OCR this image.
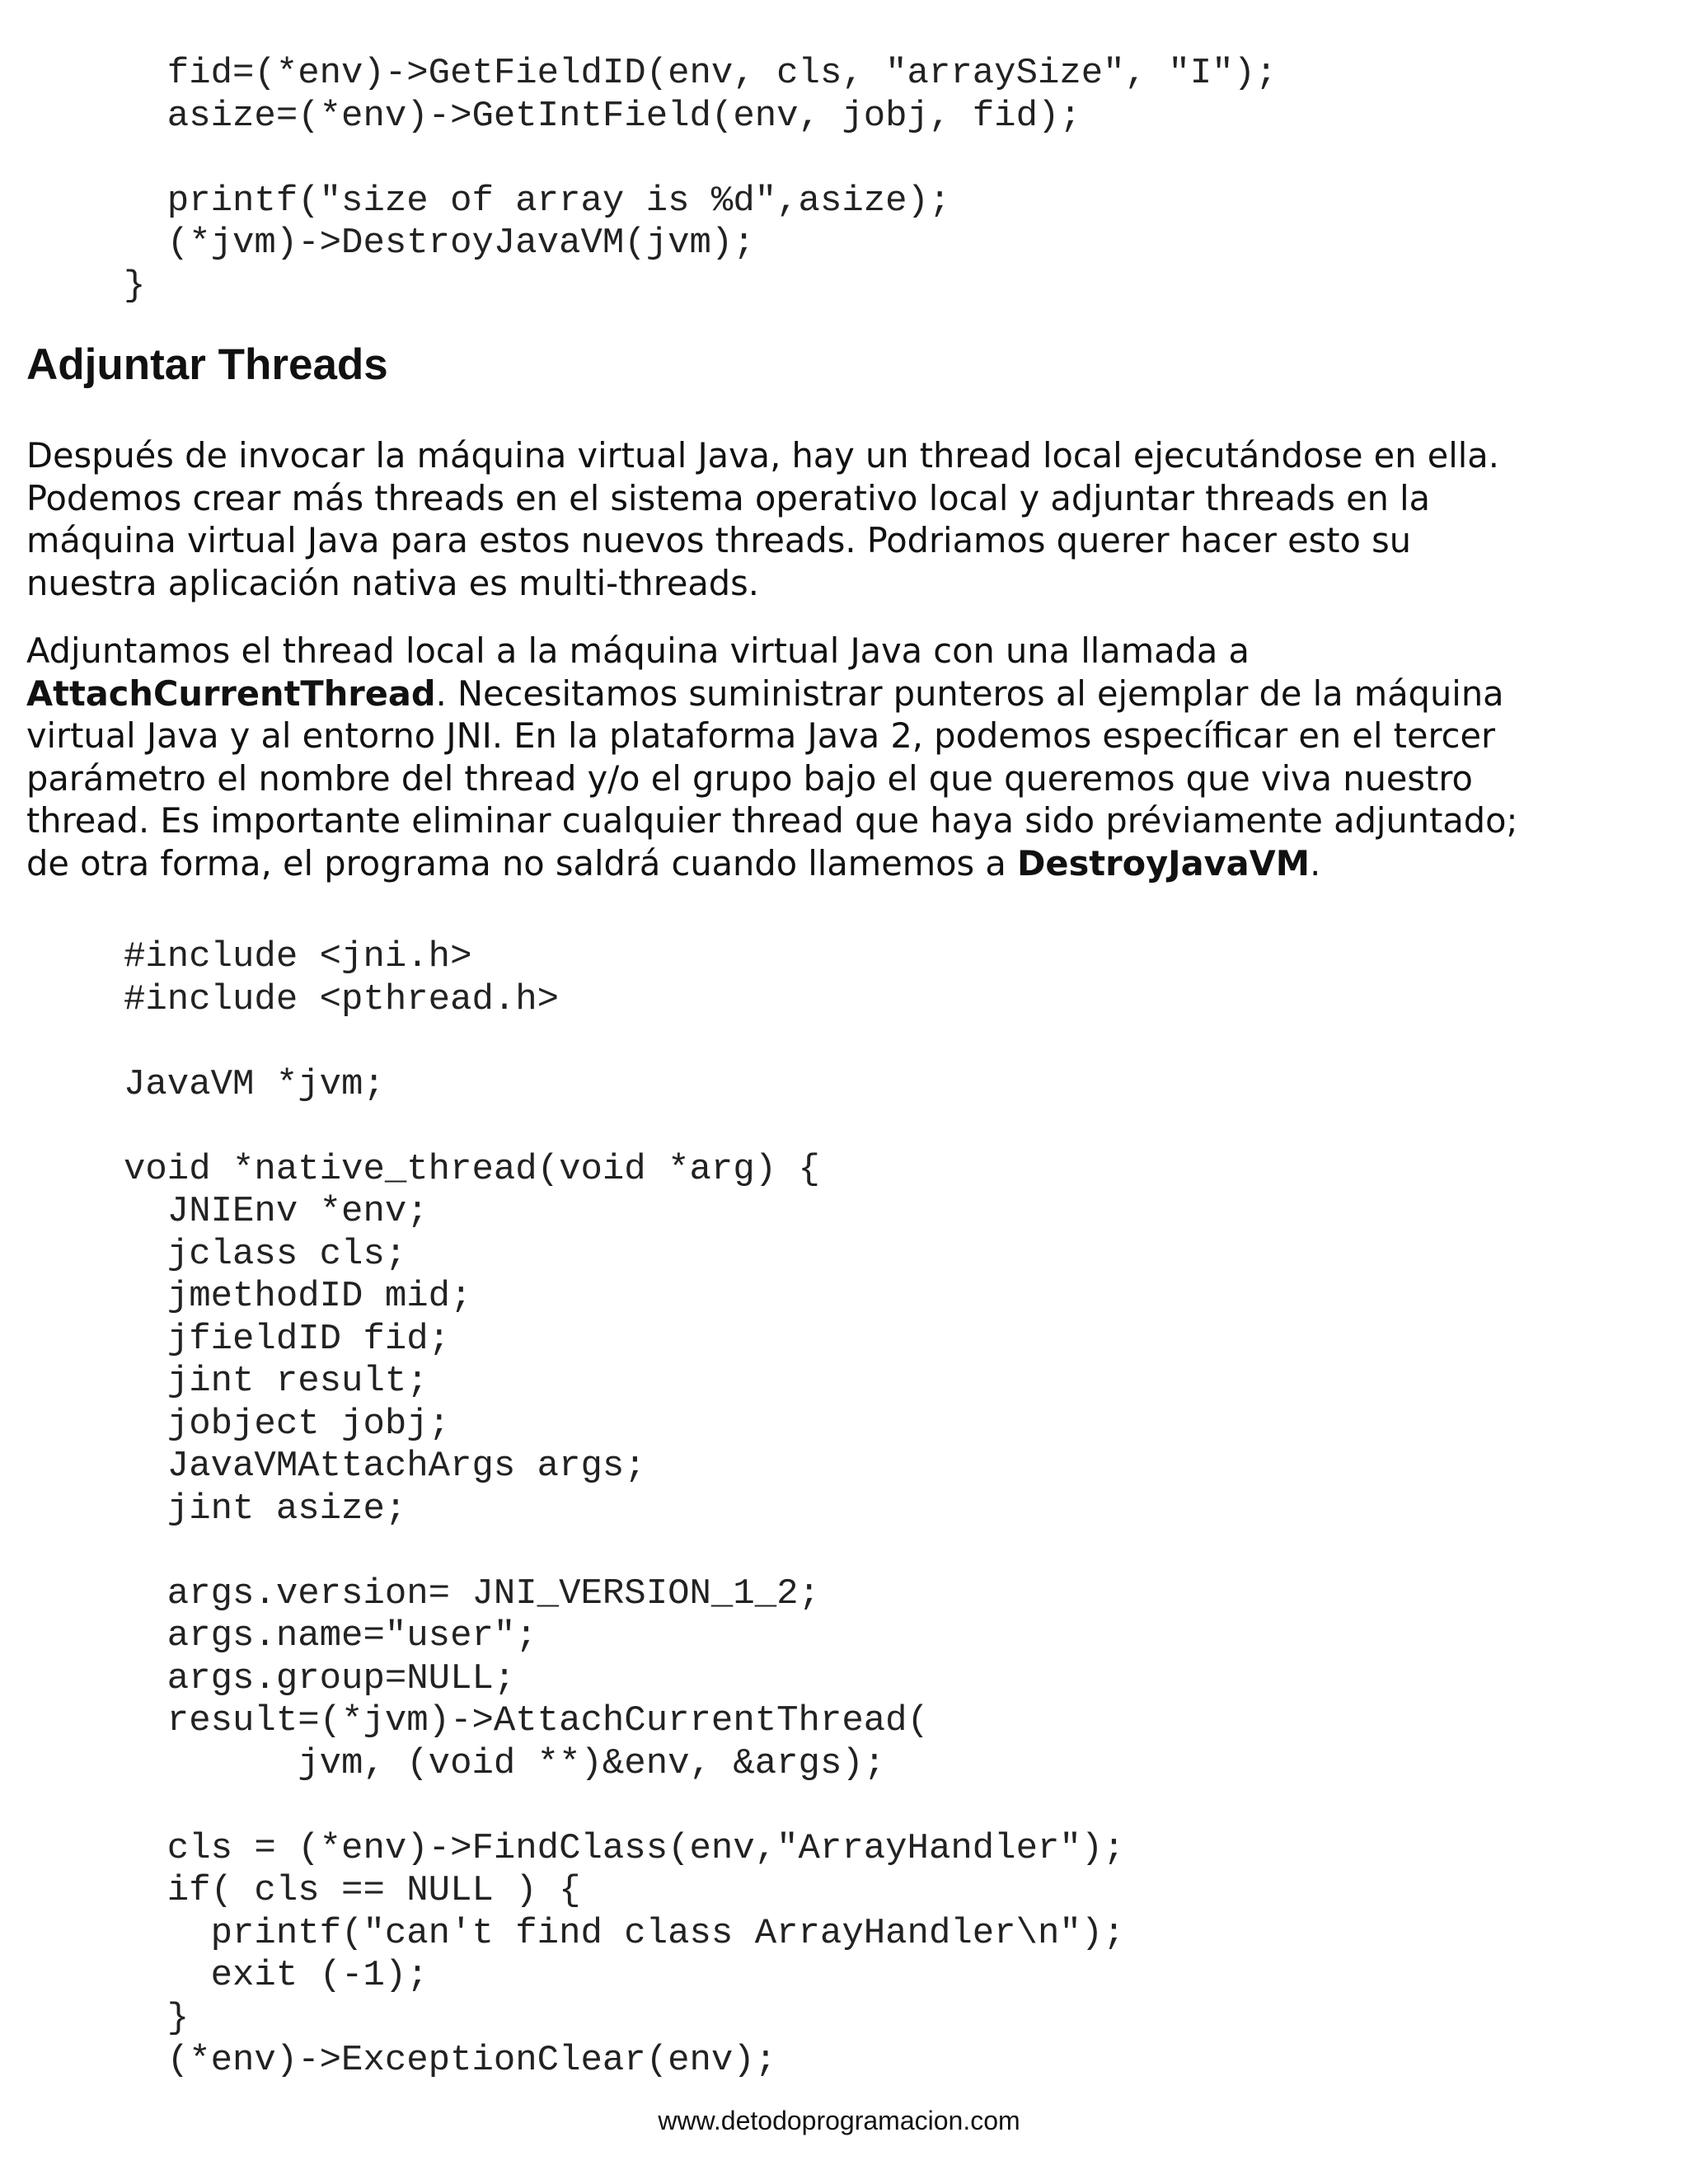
fid=(*env)->GetFieldID(env, cls, "arraySize", "I");
asize=(*env)->GetIntField(env, jobj, fid);

printf("size of array is %d",asize);
(*jvm)->DestroyJavaVM(jvm);
}
Adjuntar Threads
Después de invocar la máquina virtual Java, hay un thread local ejecutándose en ella.
Podemos crear más threads en el sistema operativo local y adjuntar threads en la
máquina virtual Java para estos nuevos threads. Podriamos querer hacer esto su
nuestra aplicación nativa es multi-threads.
Adjuntamos el thread local a la máquina virtual Java con una llamada a
AttachCurrentThread. Necesitamos suministrar punteros al ejemplar de la máquina
virtual Java y al entorno JNI. En la plataforma Java 2, podemos específicar en el tercer
parámetro el nombre del thread y/o el grupo bajo el que queremos que viva nuestro
thread. Es importante eliminar cualquier thread que haya sido préviamente adjuntado;
de otra forma, el programa no saldrá cuando llamemos a DestroyJavaVM.
#include <jni.h>
#include <pthread.h>

JavaVM *jvm;

void *native_thread(void *arg) {
JNIEnv *env;
jclass cls;
jmethodID mid;
jfieldID fid;
jint result;
jobject jobj;
JavaVMAttachArgs args;
jint asize;

args.version= JNI_VERSION_1_2;
args.name="user";
args.group=NULL;
result=(*jvm)->AttachCurrentThread(
jvm, (void **)&env, &args);

cls = (*env)->FindClass(env,"ArrayHandler");
if( cls == NULL ) {
printf("can't find class ArrayHandler\n");
exit (-1);
}
(*env)->ExceptionClear(env);
www.detodoprogramacion.com
